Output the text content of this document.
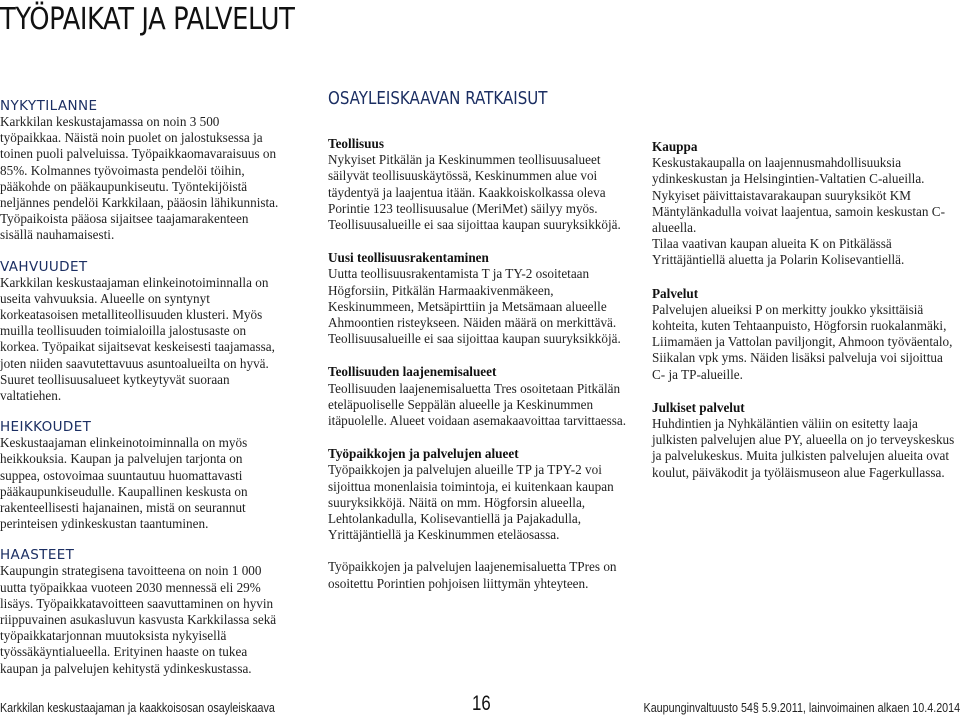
TYÖPAIKAT JA PALVELUT
NYKYTILANNE

Karkkilan keskustajamassa on noin 3 500 työpaikkaa. Näistä noin puolet on jalostuksessa ja toinen puoli palveluissa. Työpaikkaomavaraisuus on 85%. Kolmannes työvoimasta pendelöi töihin, pääkohde on pääkaupunkiseutu. Työntekijöistä neljännes pendelöi Karkkilaan, pääosin lähikunnista. Työpaikoista pääosa sijaitsee taajamarakenteen sisällä nauhamaisesti.

VAHVUUDET

Karkkilan keskustaajaman elinkeinotoiminnalla on useita vahvuuksia. Alueelle on syntynyt korkeatasoisen metalliteollisuuden klusteri. Myös muilla teollisuuden toimialoilla jalostusaste on korkea. Työpaikat sijaitsevat keskeisesti taajamassa, joten niiden saavutettavuus asuntoalueilta on hyvä. Suuret teollisuusalueet kytkeytyvät suoraan valtatiehen.

HEIKKOUDET

Keskustaajaman elinkeinotoiminnalla on myös heikkouksia. Kaupan ja palvelujen tarjonta on suppea, ostovoimaa suuntautuu huomattavasti pääkaupunkiseudulle. Kaupallinen keskusta on rakenteellisesti hajanainen, mistä on seurannut perinteisen ydinkeskustan taantuminen.

HAASTEET

Kaupungin strategisena tavoitteena on noin 1 000 uutta työpaikkaa vuoteen 2030 mennessä eli 29% lisäys. Työpaikkatavoitteen saavuttaminen on hyvin riippuvainen asukasluvun kasvusta Karkkilassa sekä työpaikkatarjonnan muutoksista nykyisellä työssäkäyntialueella. Erityinen haaste on tukea kaupan ja palvelujen kehitystä ydinkeskustassa.

OSAYLEISKAAVAN RATKAISUT
Teollisuus

Nykyiset Pitkälän ja Keskinummen teollisuusalueet säilyvät teollisuuskäytössä, Keskinummen alue voi täydentyä ja laajentua itään. Kaakkoiskolkassa oleva Porintie 123 teollisuusalue (MeriMet) säilyy myös. Teollisuusalueille ei saa sijoittaa kaupan suuryksikköjä.

Uusi teollisuusrakentaminen

Uutta teollisuusrakentamista T ja TY-2 osoitetaan Högforsiin, Pitkälän Harmaakivenmäkeen, Keskinummeen, Metsäpirttiin ja Metsämaan alueelle Ahmoontien risteykseen. Näiden määrä on merkittävä. Teollisuusalueille ei saa sijoittaa kaupan suuryksikköjä.

Teollisuuden laajenemisalueet

Teollisuuden laajenemisaluetta Tres osoitetaan Pitkälän eteläpuoliselle Seppälän alueelle ja Keskinummen itäpuolelle. Alueet voidaan asemakaavoittaa tarvittaessa.

Työpaikkojen ja palvelujen alueet

Työpaikkojen ja palvelujen alueille TP ja TPY-2 voi sijoittua monenlaisia toimintoja, ei kuitenkaan kaupan suuryksikköjä. Näitä on mm. Högforsin alueella, Lehtolankadulla, Kolisevantiellä ja Pajakadulla, Yrittäjäntiellä ja Keskinummen eteläosassa.

Työpaikkojen ja palvelujen laajenemisaluetta TPres on osoitettu Porintien pohjoisen liittymän yhteyteen.

Kauppa

Keskustakaupalla on laajennusmahdollisuuksia ydinkeskustan ja Helsingintien-Valtatien C-alueilla. Nykyiset päivittaistavarakaupan suuryksiköt KM Mäntylänkadulla voivat laajentua, samoin keskustan C-alueella.

Tilaa vaativan kaupan alueita K on Pitkälässä Yrittäjäntiellä aluetta ja Polarin Kolisevantiellä.

Palvelut

Palvelujen alueiksi P on merkitty joukko yksittäisiä kohteita, kuten Tehtaanpuisto, Högforsin ruokalanmäki, Liimamäen ja Vattolan paviljongit, Ahmoon työväentalo, Siikalan vpk yms. Näiden lisäksi palveluja voi sijoittua C- ja TP-alueille.

Julkiset palvelut

Huhdintien ja Nyhkäläntien väliin on esitetty laaja julkisten palvelujen alue PY, alueella on jo terveyskeskus ja palvelukeskus. Muita julkisten palvelujen alueita ovat koulut, päiväkodit ja työläismuseon alue Fagerkullassa.

Karkkilan keskustaajaman ja kaakkoisosan osayleiskaava	16	Kaupunginvaltuusto 54§ 5.9.2011, lainvoimainen alkaen 10.4.2014
